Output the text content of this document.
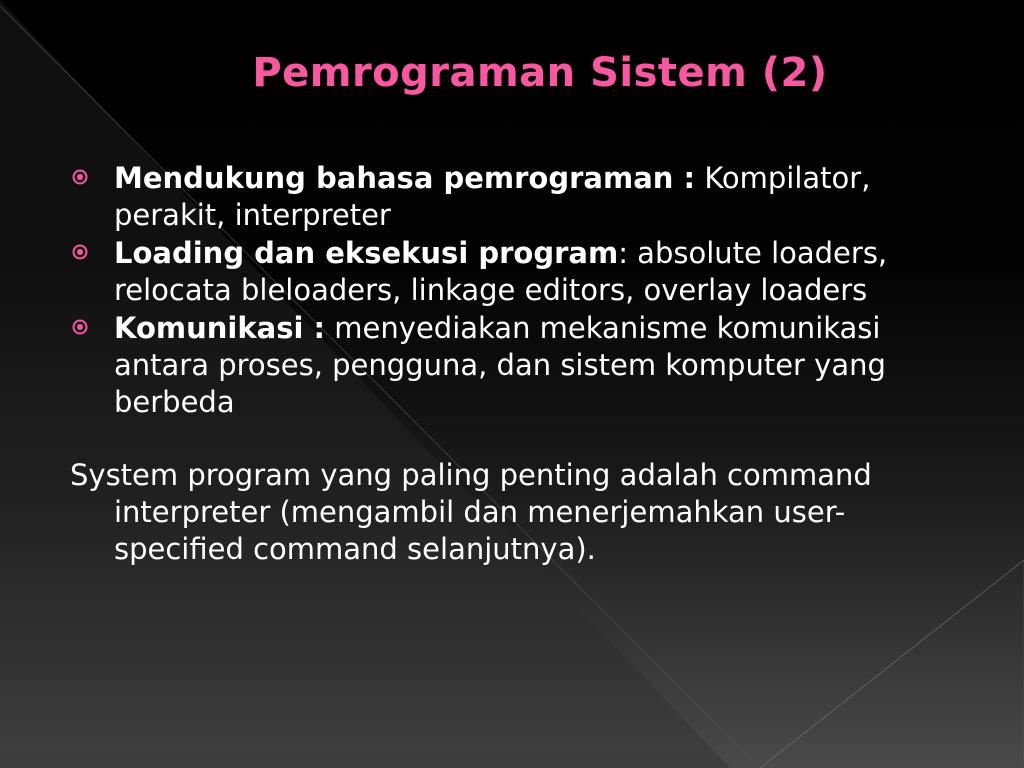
Pemrograman Sistem (2)
Mendukung bahasa pemrograman : Kompilator, perakit, interpreter
Loading dan eksekusi program: absolute loaders, relocata bleloaders, linkage editors, overlay loaders
Komunikasi : menyediakan mekanisme komunikasi antara proses, pengguna, dan sistem komputer yang berbeda
System program yang paling penting adalah command interpreter (mengambil dan menerjemahkan user-specified command selanjutnya).
